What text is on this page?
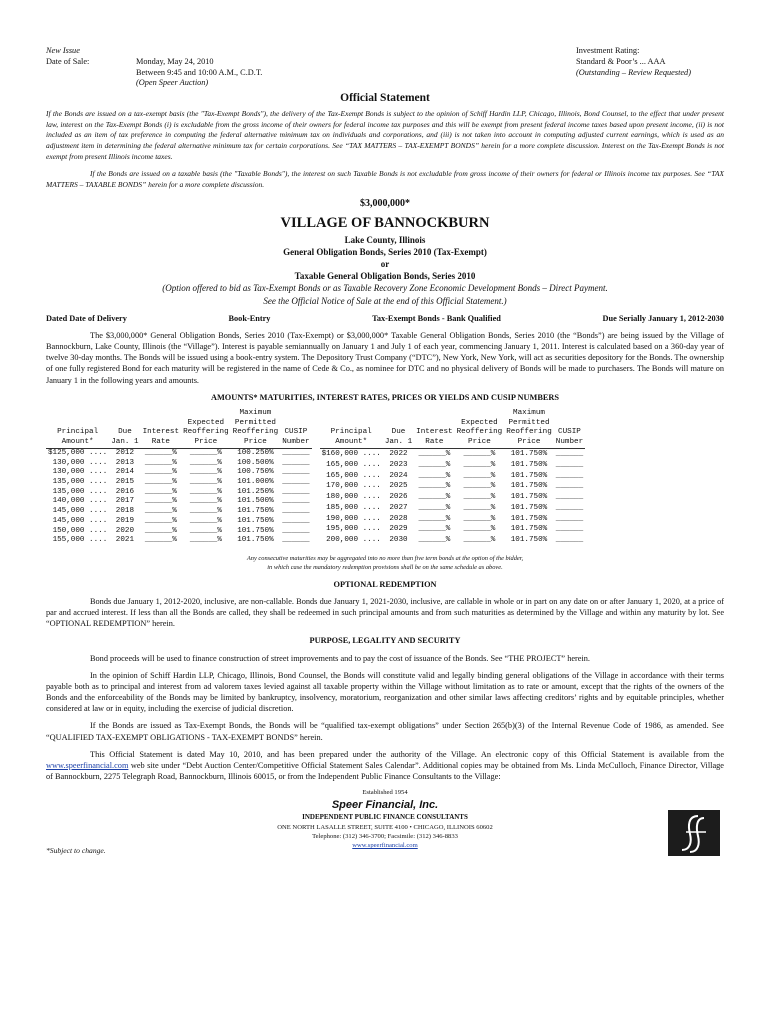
New Issue
Date of Sale:
	Monday, May 24, 2010
Between 9:45 and 10:00 A.M., C.D.T.
(Open Speer Auction)
Investment Rating:
Standard & Poor’s ... AAA
(Outstanding – Review Requested)
Official Statement

If the Bonds are issued on a tax-exempt basis (the "Tax-Exempt Bonds"), the delivery of the Tax-Exempt Bonds is subject to the opinion of Schiff Hardin LLP, Chicago, Illinois, Bond Counsel, to the effect that under present law, interest on the Tax-Exempt Bonds (i) is excludable from the gross income of their owners for federal income tax purposes and this will be exempt from present federal income taxes based upon present income, (ii) is not included as an item of tax preference in computing the federal alternative minimum tax on individuals and corporations, and (iii) is not taken into account in computing adjusted current earnings, which is used as an adjustment item in determining the federal alternative minimum tax for certain corporations. See “TAX MATTERS – TAX-EXEMPT BONDS” herein for a more complete discussion. Interest on the Tax-Exempt Bonds is not exempt from present Illinois income taxes.

If the Bonds are issued on a taxable basis (the "Taxable Bonds"), the interest on such Taxable Bonds is not excludable from gross income of their owners for federal or Illinois income tax purposes. See “TAX MATTERS – TAXABLE BONDS” herein for a more complete discussion.

$3,000,000*
VILLAGE OF BANNOCKBURN
Lake County, Illinois
General Obligation Bonds, Series 2010 (Tax-Exempt)
or
Taxable General Obligation Bonds, Series 2010
(Option offered to bid as Tax-Exempt Bonds or as Taxable Recovery Zone Economic Development Bonds – Direct Payment.
See the Official Notice of Sale at the end of this Official Statement.)
Dated Date of Delivery	Book-Entry	Tax-Exempt Bonds - Bank Qualified	Due Serially January 1, 2012-2030

The $3,000,000* General Obligation Bonds, Series 2010 (Tax-Exempt) or $3,000,000* Taxable General Obligation Bonds, Series 2010 (the “Bonds”) are being issued by the Village of Bannockburn, Lake County, Illinois (the “Village”). Interest is payable semiannually on January 1 and July 1 of each year, commencing January 1, 2011. Interest is calculated based on a 360-day year of twelve 30-day months. The Bonds will be issued using a book-entry system. The Depository Trust Company (“DTC”), New York, New York, will act as securities depository for the Bonds. The ownership of one fully registered Bond for each maturity will be registered in the name of Cede & Co., as nominee for DTC and no physical delivery of Bonds will be made to purchasers. The Bonds will mature on January 1 in the following years and amounts.

AMOUNTS* MATURITIES, INTEREST RATES, PRICES OR YIELDS AND CUSIP NUMBERS
				Maximum	
			Expected	Permitted	
Principal	Due	Interest	Reoffering	Reoffering	CUSIP
Amount*	Jan. 1	Rate	Price	Price	Number
$125,000 ....	2012	______%	______%	100.250%	______
130,000 ....	2013	______%	______%	100.500%	______
130,000 ....	2014	______%	______%	100.750%	______
135,000 ....	2015	______%	______%	101.000%	______
135,000 ....	2016	______%	______%	101.250%	______
140,000 ....	2017	______%	______%	101.500%	______
145,000 ....	2018	______%	______%	101.750%	______
145,000 ....	2019	______%	______%	101.750%	______
150,000 ....	2020	______%	______%	101.750%	______
155,000 ....	2021	______%	______%	101.750%	______
				Maximum	
			Expected	Permitted	
Principal	Due	Interest	Reoffering	Reoffering	CUSIP
Amount*	Jan. 1	Rate	Price	Price	Number
$160,000 ....	2022	______%	______%	101.750%	______
165,000 ....	2023	______%	______%	101.750%	______
165,000 ....	2024	______%	______%	101.750%	______
170,000 ....	2025	______%	______%	101.750%	______
180,000 ....	2026	______%	______%	101.750%	______
185,000 ....	2027	______%	______%	101.750%	______
190,000 ....	2028	______%	______%	101.750%	______
195,000 ....	2029	______%	______%	101.750%	______
200,000 ....	2030	______%	______%	101.750%	______
Any consecutive maturities may be aggregated into no more than five term bonds at the option of the bidder,
in which case the mandatory redemption provisions shall be on the same schedule as above.
OPTIONAL REDEMPTION

Bonds due January 1, 2012-2020, inclusive, are non-callable. Bonds due January 1, 2021-2030, inclusive, are callable in whole or in part on any date on or after January 1, 2020, at a price of par and accrued interest. If less than all the Bonds are called, they shall be redeemed in such principal amounts and from such maturities as determined by the Village and within any maturity by lot. See “OPTIONAL REDEMPTION” herein.

PURPOSE, LEGALITY AND SECURITY

Bond proceeds will be used to finance construction of street improvements and to pay the cost of issuance of the Bonds. See “THE PROJECT” herein.

In the opinion of Schiff Hardin LLP, Chicago, Illinois, Bond Counsel, the Bonds will constitute valid and legally binding general obligations of the Village in accordance with their terms payable both as to principal and interest from ad valorem taxes levied against all taxable property within the Village without limitation as to rate or amount, except that the rights of the owners of the Bonds and the enforceability of the Bonds may be limited by bankruptcy, insolvency, moratorium, reorganization and other similar laws affecting creditors’ rights and by equitable principles, whether considered at law or in equity, including the exercise of judicial discretion.

If the Bonds are issued as Tax-Exempt Bonds, the Bonds will be “qualified tax-exempt obligations” under Section 265(b)(3) of the Internal Revenue Code of 1986, as amended. See “QUALIFIED TAX-EXEMPT OBLIGATIONS - TAX-EXEMPT BONDS” herein.

This Official Statement is dated May 10, 2010, and has been prepared under the authority of the Village. An electronic copy of this Official Statement is available from the www.speerfinancial.com web site under “Debt Auction Center/Competitive Official Statement Sales Calendar”. Additional copies may be obtained from Ms. Linda McCulloch, Finance Director, Village of Bannockburn, 2275 Telegraph Road, Bannockburn, Illinois 60015, or from the Independent Public Finance Consultants to the Village:

Established 1954
Speer Financial, Inc.
INDEPENDENT PUBLIC FINANCE CONSULTANTS
ONE NORTH LASALLE STREET, SUITE 4100 • CHICAGO, ILLINOIS 60602
Telephone: (312) 346-3700; Facsimile: (312) 346-8833
www.speerfinancial.com
*Subject to change.
